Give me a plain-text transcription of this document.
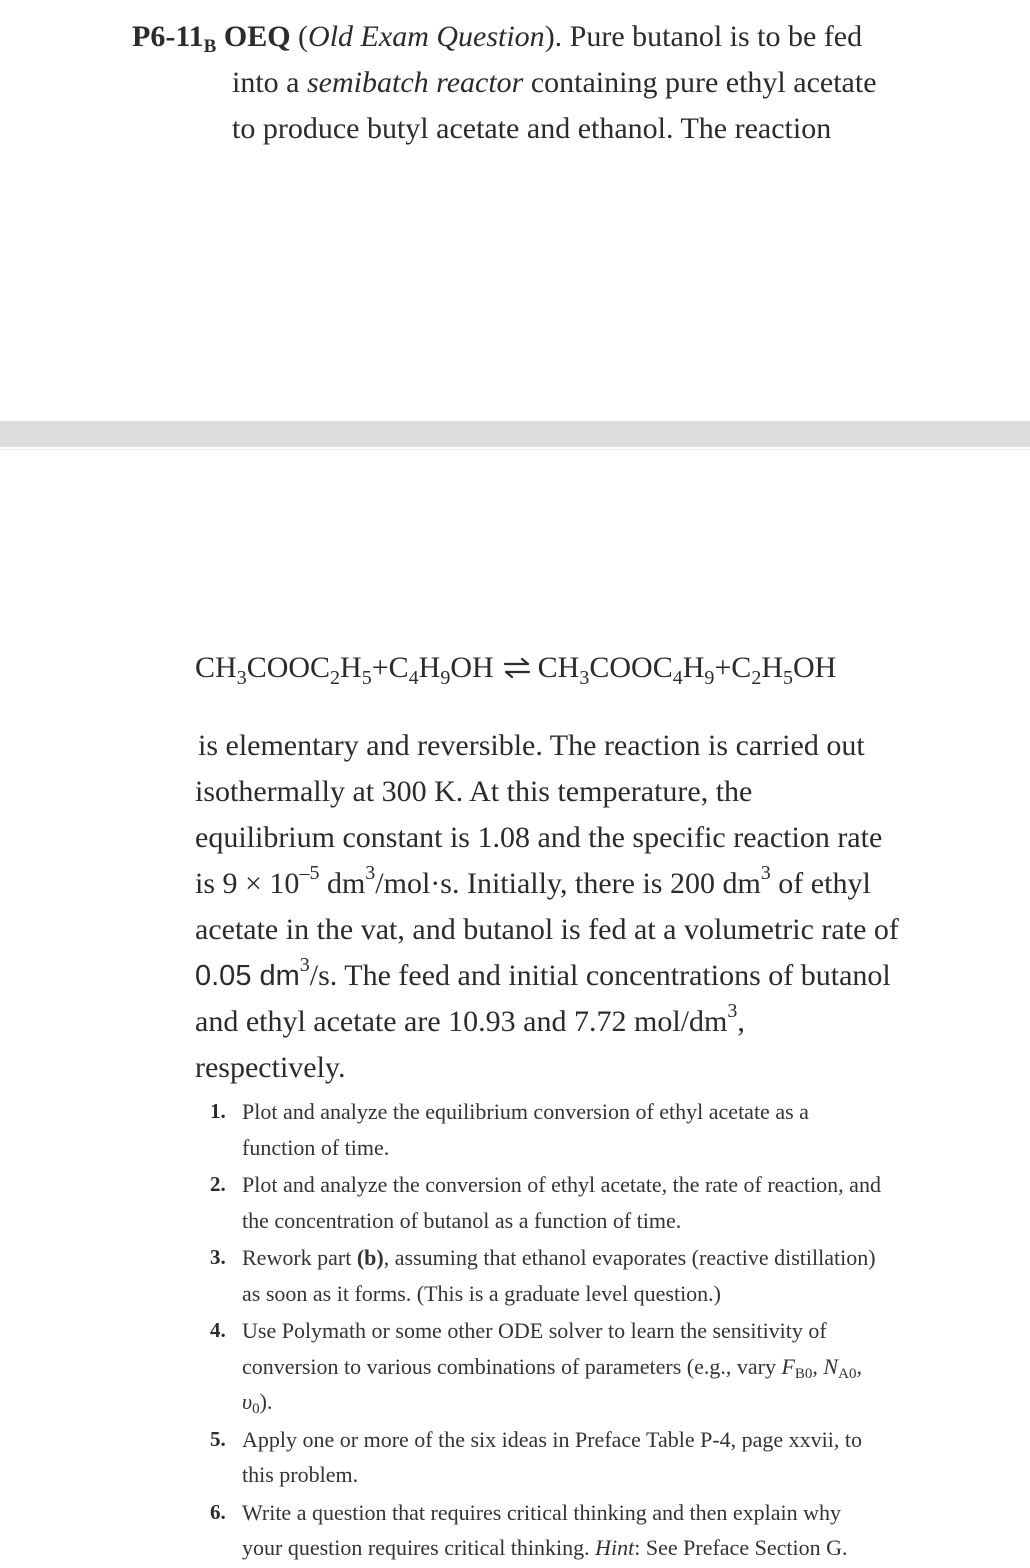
$P6-11_B$ OEQ (Old Exam Question). Pure butanol is to be fed
into a semibatch reactor containing pure ethyl acetate
to produce butyl acetate and ethanol. The reaction
$CH_3COOC_2H_5+C_4H_9OH$ ⇌ $CH_3COOC_4H_9+C_2H_5OH$
is elementary and reversible. The reaction is carried out
isothermally at 300 K. At this temperature, the
equilibrium constant is 1.08 and the specific reaction rate
is $9 \times 10^{-5}$ $dm^3/mol\cdot s$. Initially, there is 200 $dm^3$ of ethyl
acetate in the vat, and butanol is fed at a volumetric rate of
0.05 $dm^3/s$. The feed and initial concentrations of butanol
and ethyl acetate are 10.93 and 7.72 mol/$dm^3$,
respectively.
1. Plot and analyze the equilibrium conversion of ethyl acetate as a
function of time.
2. Plot and analyze the conversion of ethyl acetate, the rate of reaction, and
the concentration of butanol as a function of time.
3. Rework part (b), assuming that ethanol evaporates (reactive distillation)
as soon as it forms. (This is a graduate level question.)
4. Use Polymath or some other ODE solver to learn the sensitivity of
conversion to various combinations of parameters (e.g., vary $F_{B0}$, $N_{A0}$,
$\upsilon_0$).
5. Apply one or more of the six ideas in Preface Table P-4, page xxvii, to
this problem.
6. Write a question that requires critical thinking and then explain why
your question requires critical thinking. Hint: See Preface Section G.
